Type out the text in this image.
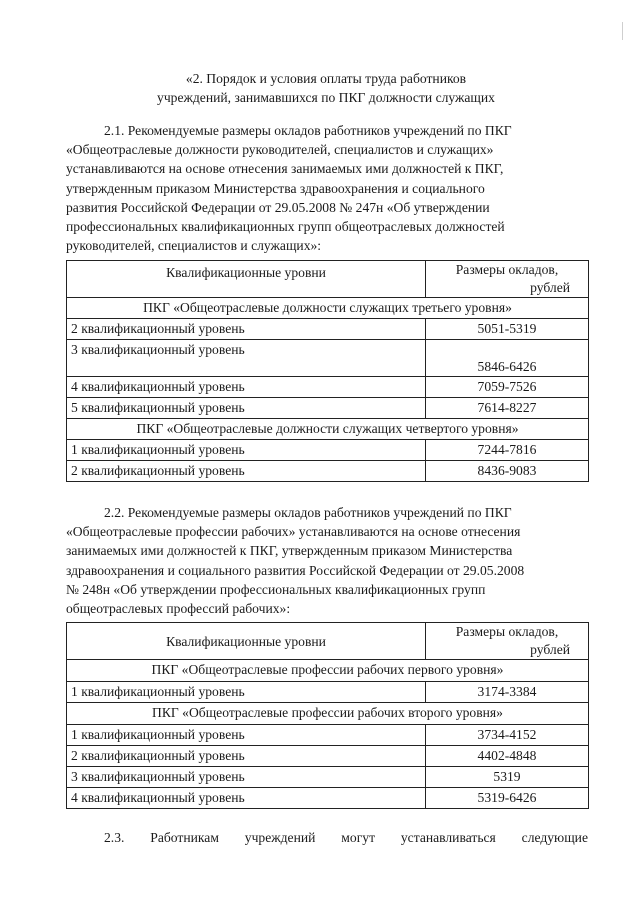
«2. Порядок и условия оплаты труда работников
учреждений, занимавшихся по ПКГ должности служащих
2.1. Рекомендуемые размеры окладов работников учреждений по ПКГ
«Общеотраслевые должности руководителей, специалистов и служащих»
устанавливаются на основе отнесения занимаемых ими должностей к ПКГ,
утвержденным приказом Министерства здравоохранения и социального
развития Российской Федерации от 29.05.2008 № 247н «Об утверждении
профессиональных квалификационных групп общеотраслевых должностей
руководителей, специалистов и служащих»:
Квалификационные уровни	Размеры окладов,
рублей

ПКГ «Общеотраслевые должности служащих третьего уровня»	
2 квалификационный уровень	5051-5319
3 квалификационный уровень	5846-6426
4 квалификационный уровень	7059-7526
5 квалификационный уровень	7614-8227
ПКГ «Общеотраслевые должности служащих четвертого уровня»	
1 квалификационный уровень	7244-7816
2 квалификационный уровень	8436-9083
2.2. Рекомендуемые размеры окладов работников учреждений по ПКГ
«Общеотраслевые профессии рабочих» устанавливаются на основе отнесения
занимаемых ими должностей к ПКГ, утвержденным приказом Министерства
здравоохранения и социального развития Российской Федерации от 29.05.2008
№ 248н «Об утверждении профессиональных квалификационных групп
общеотраслевых профессий рабочих»:
Квалификационные уровни	Размеры окладов,
рублей

ПКГ «Общеотраслевые профессии рабочих первого уровня»	
1 квалификационный уровень	3174-3384
ПКГ «Общеотраслевые профессии рабочих второго уровня»	
1 квалификационный уровень	3734-4152
2 квалификационный уровень	4402-4848
3 квалификационный уровень	5319
4 квалификационный уровень	5319-6426
2.3. Работникам учреждений могут устанавливаться следующие
